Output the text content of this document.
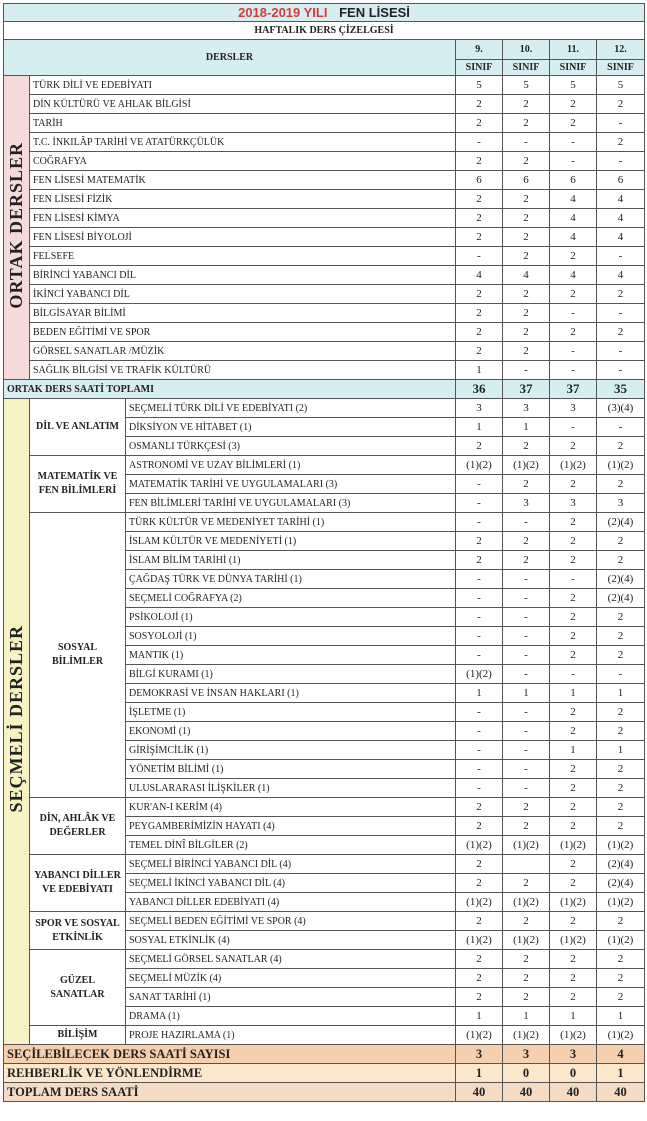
2018-2019 YILI FEN LİSESİ						
HAFTALIK DERS ÇİZELGESİ						
DERSLER			9.	10.	11.	12.
			SINIF	SINIF	SINIF	SINIF
ORTAK DERSLER	TÜRK DİLİ VE EDEBİYATI		5	5	5	5
	DİN KÜLTÜRÜ VE AHLAK BİLGİSİ		2	2	2	2
	TARİH		2	2	2	-
	T.C. İNKILÂP TARİHİ VE ATATÜRKÇÜLÜK		-	-	-	2
	COĞRAFYA		2	2	-	-
	FEN LİSESİ MATEMATİK		6	6	6	6
	FEN LİSESİ FİZİK		2	2	4	4
	FEN LİSESİ KİMYA		2	2	4	4
	FEN LİSESİ BİYOLOJİ		2	2	4	4
	FELSEFE		-	2	2	-
	BİRİNCİ YABANCI DİL		4	4	4	4
	İKİNCİ YABANCI DİL		2	2	2	2
	BİLGİSAYAR BİLİMİ		2	2	-	-
	BEDEN EĞİTİMİ VE SPOR		2	2	2	2
	GÖRSEL SANATLAR /MÜZİK		2	2	-	-
	SAĞLIK BİLGİSİ VE TRAFİK KÜLTÜRÜ		1	-	-	-
ORTAK DERS SAATİ TOPLAMI			36	37	37	35
SEÇMELİ DERSLER	DİL VE ANLATIM	SEÇMELİ TÜRK DİLİ VE EDEBİYATI (2)	3	3	3	(3)(4)
		DİKSİYON VE HİTABET (1)	1	1	-	-
		OSMANLI TÜRKÇESİ (3)	2	2	2	2
	MATEMATİK VE FEN BİLİMLERİ	ASTRONOMİ VE UZAY BİLİMLERİ (1)	(1)(2)	(1)(2)	(1)(2)	(1)(2)
		MATEMATİK TARİHİ VE UYGULAMALARI (3)	-	2	2	2
		FEN BİLİMLERİ TARİHİ VE UYGULAMALARI (3)	-	3	3	3
	SOSYAL BİLİMLER	TÜRK KÜLTÜR VE MEDENİYET TARİHİ (1)	-	-	2	(2)(4)
		İSLAM KÜLTÜR VE MEDENİYETİ (1)	2	2	2	2
		İSLAM BİLİM TARİHİ (1)	2	2	2	2
		ÇAĞDAŞ TÜRK VE DÜNYA TARİHİ (1)	-	-	-	(2)(4)
		SEÇMELİ COĞRAFYA (2)	-	-	2	(2)(4)
		PSİKOLOJİ (1)	-	-	2	2
		SOSYOLOJİ (1)	-	-	2	2
		MANTIK (1)	-	-	2	2
		BİLGİ KURAMI (1)	(1)(2)	-	-	-
		DEMOKRASİ VE İNSAN HAKLARI (1)	1	1	1	1
		İŞLETME (1)	-	-	2	2
		EKONOMİ (1)	-	-	2	2
		GİRİŞİMCİLİK (1)	-	-	1	1
		YÖNETİM BİLİMİ (1)	-	-	2	2
		ULUSLARARASI İLİŞKİLER (1)	-	-	2	2
	DİN, AHLÂK VE DEĞERLER	KUR'AN-I KERİM (4)	2	2	2	2
		PEYGAMBERİMİZİN HAYATI (4)	2	2	2	2
		TEMEL DİNÎ BİLGİLER (2)	(1)(2)	(1)(2)	(1)(2)	(1)(2)
	YABANCI DİLLER VE EDEBİYATI	SEÇMELİ BİRİNCİ YABANCI DİL (4)	2		2	(2)(4)
		SEÇMELİ İKİNCİ YABANCI DİL (4)	2	2	2	(2)(4)
		YABANCI DİLLER EDEBİYATI (4)	(1)(2)	(1)(2)	(1)(2)	(1)(2)
	SPOR VE SOSYAL ETKİNLİK	SEÇMELİ BEDEN EĞİTİMİ VE SPOR (4)	2	2	2	2
		SOSYAL ETKİNLİK (4)	(1)(2)	(1)(2)	(1)(2)	(1)(2)
	GÜZEL SANATLAR	SEÇMELİ GÖRSEL SANATLAR (4)	2	2	2	2
		SEÇMELİ MÜZİK (4)	2	2	2	2
		SANAT TARİHİ (1)	2	2	2	2
		DRAMA (1)	1	1	1	1
	BİLİŞİM	PROJE HAZIRLAMA (1)	(1)(2)	(1)(2)	(1)(2)	(1)(2)
SEÇİLEBİLECEK DERS SAATİ SAYISI			3	3	3	4
REHBERLİK VE YÖNLENDİRME			1	0	0	1
TOPLAM DERS SAATİ			40	40	40	40
